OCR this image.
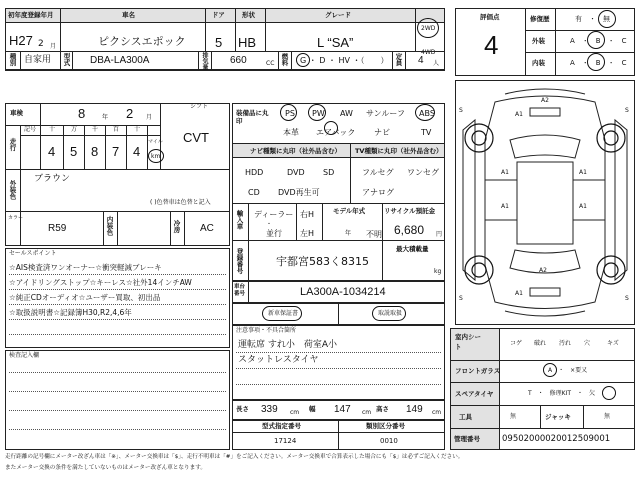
初年度登録年月	車名	ドア	形状	グレード
H27 2 月	ピクシスエポック 5 HB	L “SA”
2WD
4WD
種別 自家用 型式 DBA-LA300A	排気量 660	CC 燃料 G ・ D ・ HV ・（　　） 定員 4 人
車検	8	年 2 月
シフト
CVT
走行
記号 十	万 千 百 十
4 5 8 7 4
マイル
km
外装色
ブラウン
( )色替車は色替と記入
カラー
R59	内装色	冷房 AC
装備品に丸印
PS PW AW サンルーフ ABS
本革 エアバック ナビ	TV
ナビ種類に丸印（社外品含む） TV種類に丸印（社外品含む）
HDD	DVD SD
CD DVD再生可
フルセグ ワンセグ
アナログ
輸入車 ディーラー
・
並行
右H
左H
モデル年式
年 不明
リサイクル預託金
6,680 円
最大積載量
kg
登録番号	宇都宮583く8315
車台番号	LA300A-1034214
新車保証書	取説取扱
注意事項・不具合箇所
運転席 すれ小　荷室A小
スタットレスタイヤ
長さ 339 cm 幅 147 cm 高さ 149 cm
型式指定番号
17124
類別区分番号
0010
セールスポイント
☆AIS検査済ワンオーナー☆衝突軽減ブレーキ
☆アイドリングストップ☆キーレス☆社外14インチAW
☆純正CDオーディオ☆ユーザー買取、初出品
☆取扱説明書☆記録簿H30,R2,4,6年
検査記入欄
評価点
4
修復歴	有　・　無
外装	A　・　B　・　C
内装	A　・　B　・　C
A2
A1
A1	A1
A1	A1
A1
A2
S	S
S	S
室内シート	コゲ 破れ 汚れ 穴	キズ
フロントガラス	A　・　×要又
スペアタイヤ	T　・　修理KIT　・　欠
工具	無	ジャッキ	無
管理番号	09502000020012509001
走行距離の記号欄にメーター改ざん車は「※」、メーター交換車は「$」、走行不明車は「#」をご記入ください。メーター交換車で合算表示した場合にも「$」は必ずご記入ください。
またメーター交換の条件を満たしていないものはメーター改ざん車となります。
